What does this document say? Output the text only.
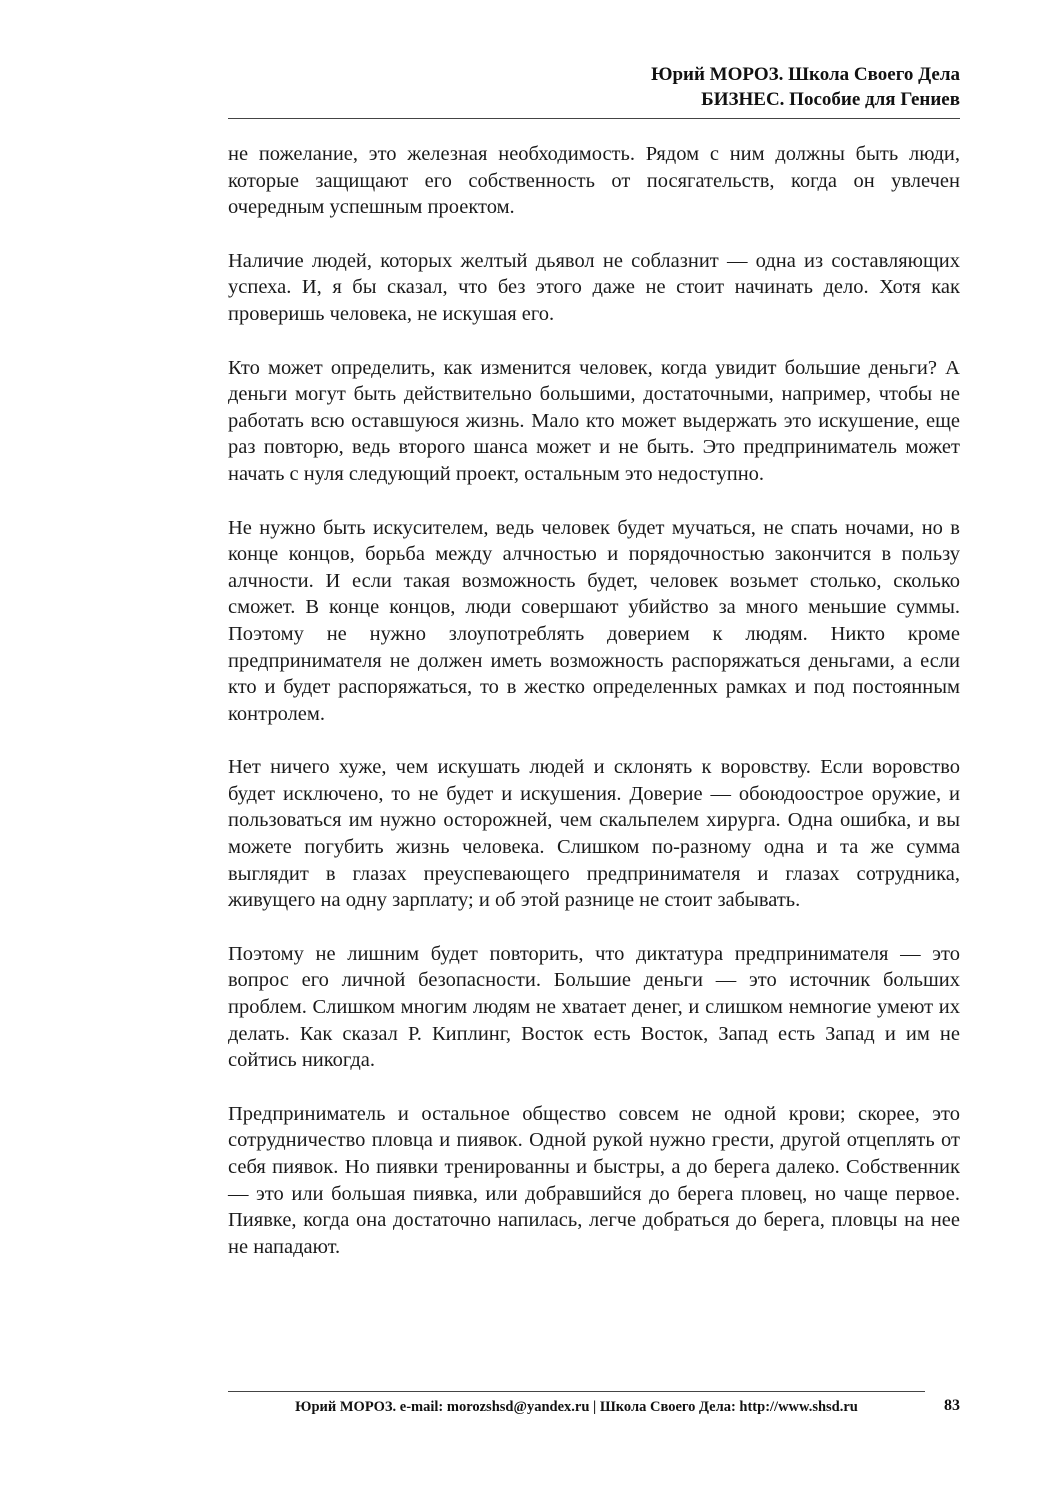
Юрий МОРОЗ. Школа Своего Дела
БИЗНЕС. Пособие для Гениев

не пожелание, это железная необходимость. Рядом с ним должны быть люди, которые защищают его собственность от посягательств, когда он увлечен очередным успешным проектом.

Наличие людей, которых желтый дьявол не соблазнит — одна из составляющих успеха. И, я бы сказал, что без этого даже не стоит начинать дело. Хотя как проверишь человека, не искушая его.

Кто может определить, как изменится человек, когда увидит большие деньги? А деньги могут быть действительно большими, достаточными, например, чтобы не работать всю оставшуюся жизнь. Мало кто может выдержать это искушение, еще раз повторю, ведь второго шанса может и не быть. Это предприниматель может начать с нуля следующий проект, остальным это недоступно.

Не нужно быть искусителем, ведь человек будет мучаться, не спать ночами, но в конце концов, борьба между алчностью и порядочностью закончится в пользу алчности. И если такая возможность будет, человек возьмет столько, сколько сможет. В конце концов, люди совершают убийство за много меньшие суммы. Поэтому не нужно злоупотреблять доверием к людям. Никто кроме предпринимателя не должен иметь возможность распоряжаться деньгами, а если кто и будет распоряжаться, то в жестко определенных рамках и под постоянным контролем.

Нет ничего хуже, чем искушать людей и склонять к воровству. Если воровство будет исключено, то не будет и искушения. Доверие — обоюдоострое оружие, и пользоваться им нужно осторожней, чем скальпелем хирурга. Одна ошибка, и вы можете погубить жизнь человека. Слишком по-разному одна и та же сумма выглядит в глазах преуспевающего предпринимателя и глазах сотрудника, живущего на одну зарплату; и об этой разнице не стоит забывать.

Поэтому не лишним будет повторить, что диктатура предпринимателя — это вопрос его личной безопасности. Большие деньги — это источник больших проблем. Слишком многим людям не хватает денег, и слишком немногие умеют их делать. Как сказал Р. Киплинг, Восток есть Восток, Запад есть Запад и им не сойтись никогда.

Предприниматель и остальное общество совсем не одной крови; скорее, это сотрудничество пловца и пиявок. Одной рукой нужно грести, другой отцеплять от себя пиявок. Но пиявки тренированны и быстры, а до берега далеко. Собственник — это или большая пиявка, или добравшийся до берега пловец, но чаще первое. Пиявке, когда она достаточно напилась, легче добраться до берега, пловцы на нее не нападают.

Юрий МОРОЗ. e-mail: morozshsd@yandex.ru | Школа Своего Дела: http://www.shsd.ru	83
